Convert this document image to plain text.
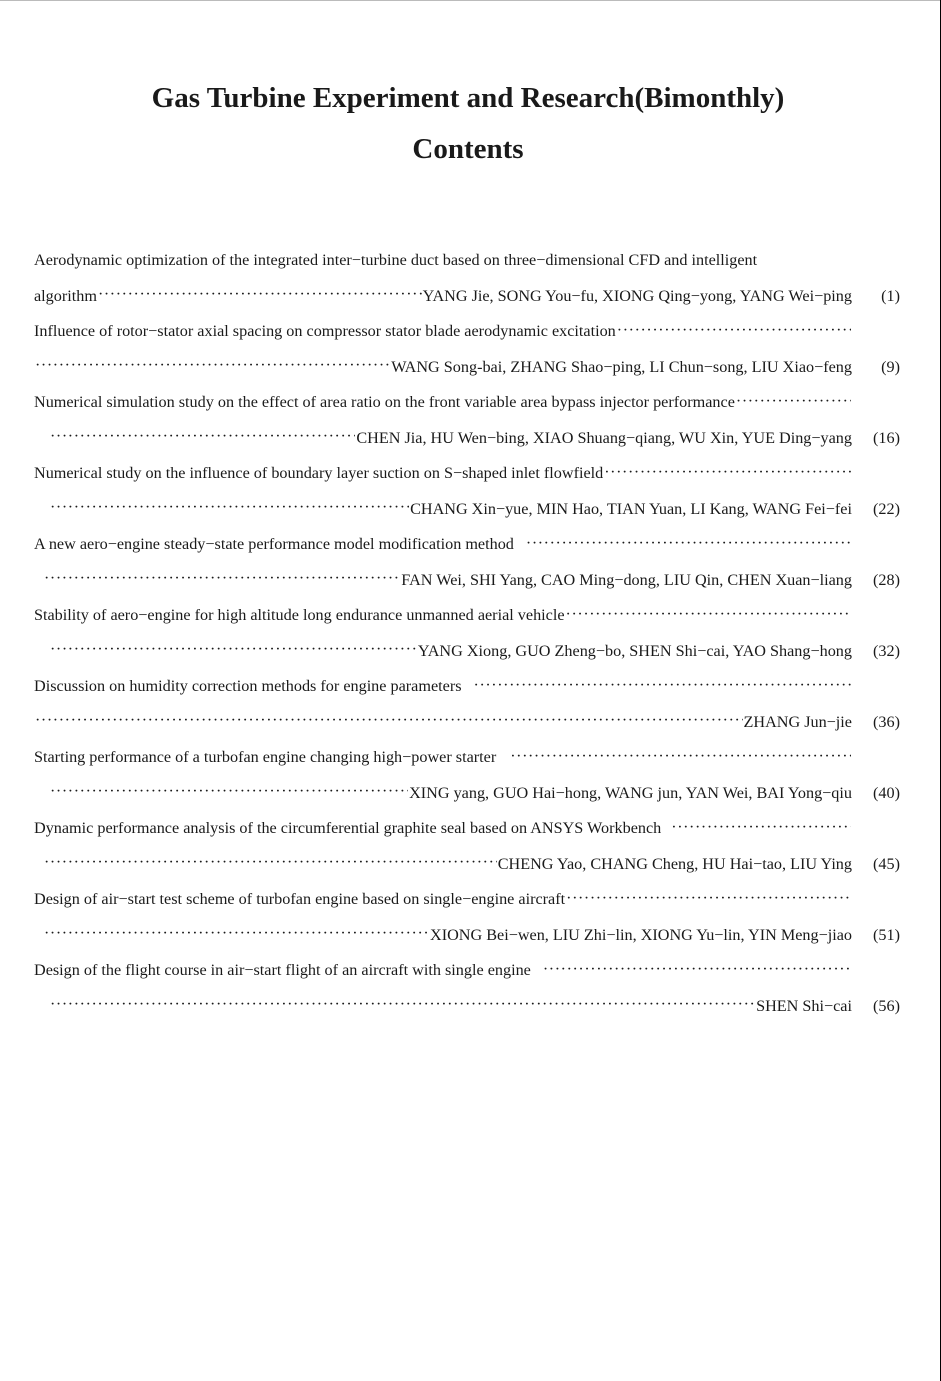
Gas Turbine Experiment and Research(Bimonthly)
Contents
Aerodynamic optimization of the integrated inter−turbine duct based on three−dimensional CFD and intelligent
algorithm
·····	YANG Jie, SONG You−fu, XIONG Qing−yong, YANG Wei−ping	(1)
Influence of rotor−stator axial spacing on compressor stator blade aerodynamic excitation
·····
·····
WANG Song-bai, ZHANG Shao−ping, LI Chun−song, LIU Xiao−feng	(9)
Numerical simulation study on the effect of area ratio on the front variable area bypass injector performance
·····
·····
CHEN Jia, HU Wen−bing, XIAO Shuang−qiang, WU Xin, YUE Ding−yang	(16)
Numerical study on the influence of boundary layer suction on S−shaped inlet flowfield
·····
·····
CHANG Xin−yue, MIN Hao, TIAN Yuan, LI Kang, WANG Fei−fei	(22)
A new aero−engine steady−state performance model modification method
·····
·····
FAN Wei, SHI Yang, CAO Ming−dong, LIU Qin, CHEN Xuan−liang	(28)
Stability of aero−engine for high altitude long endurance unmanned aerial vehicle
·····
·····
YANG Xiong, GUO Zheng−bo, SHEN Shi−cai, YAO Shang−hong	(32)
Discussion on humidity correction methods for engine parameters
·····
·····
ZHANG Jun−jie	(36)
Starting performance of a turbofan engine changing high−power starter
·····
·····
XING yang, GUO Hai−hong, WANG jun, YAN Wei, BAI Yong−qiu	(40)
Dynamic performance analysis of the circumferential graphite seal based on ANSYS Workbench
·····
·····
CHENG Yao, CHANG Cheng, HU Hai−tao, LIU Ying	(45)
Design of air−start test scheme of turbofan engine based on single−engine aircraft
·····
·····
XIONG Bei−wen, LIU Zhi−lin, XIONG Yu−lin, YIN Meng−jiao	(51)
Design of the flight course in air−start flight of an aircraft with single engine
·····
·····
SHEN Shi−cai	(56)
